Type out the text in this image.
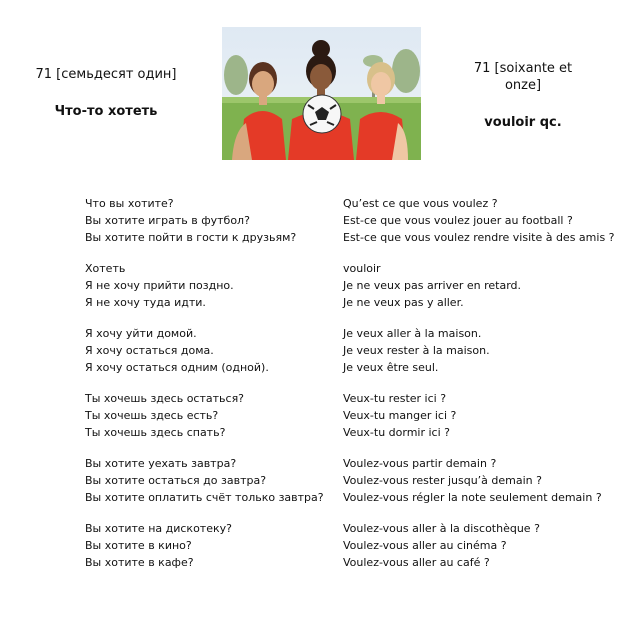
71 [семьдесят один]
Что-то хотеть
71 [soixante et onze]
vouloir qc.
Что вы хотите?
Вы хотите играть в футбол?
Вы хотите пойти в гости к друзьям?
Хотеть
Я не хочу прийти поздно.
Я не хочу туда идти.
Я хочу уйти домой.
Я хочу остаться дома.
Я хочу остаться одним (одной).
Ты хочешь здесь остаться?
Ты хочешь здесь есть?
Ты хочешь здесь спать?
Вы хотите уехать завтра?
Вы хотите остаться до завтра?
Вы хотите оплатить счёт только завтра?
Вы хотите на дискотеку?
Вы хотите в кино?
Вы хотите в кафе?
Qu’est ce que vous voulez ?
Est-ce que vous voulez jouer au football ?
Est-ce que vous voulez rendre visite à des amis ?
vouloir
Je ne veux pas arriver en retard.
Je ne veux pas y aller.
Je veux aller à la maison.
Je veux rester à la maison.
Je veux être seul.
Veux-tu rester ici ?
Veux-tu manger ici ?
Veux-tu dormir ici ?
Voulez-vous partir demain ?
Voulez-vous rester jusqu’à demain ?
Voulez-vous régler la note seulement demain ?
Voulez-vous aller à la discothèque ?
Voulez-vous aller au cinéma ?
Voulez-vous aller au café ?
